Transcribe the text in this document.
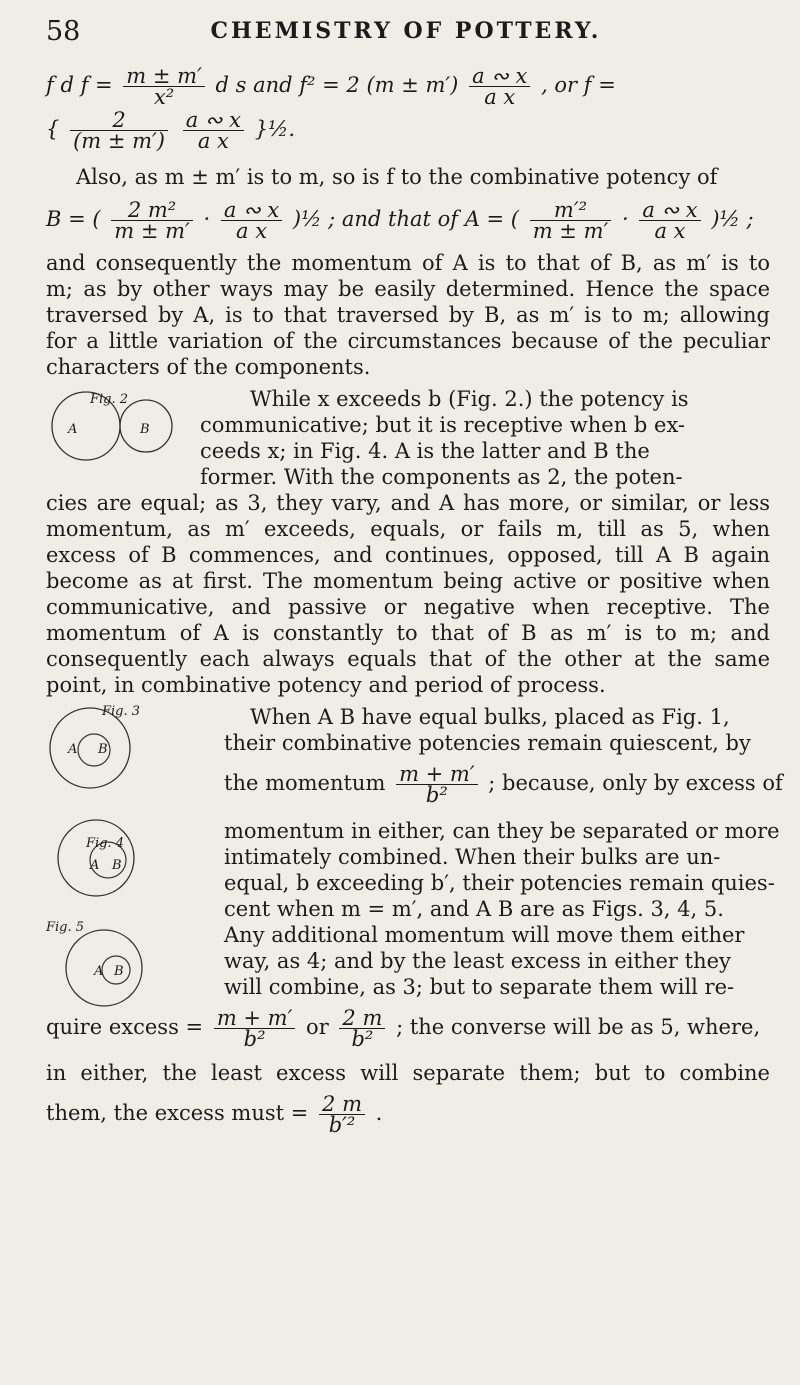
58	CHEMISTRY OF POTTERY.
f d $f = \frac{m \pm m'}{\text{x²}}$ d s and f² = 2 $(m \pm m') \frac{a ∾ x}{\text{a x}}$ , or f =
{ $\frac{2}{(m \pm m')}$
$\frac{a ∾ x}{\text{a x}}$ }½.
Also, as m ± m′ is to m, so is f to the combinative potency of
B = ( $\frac{\text{2 m²}}{m \pm m'} \cdot \frac{a ∾ x}{\text{a x}}$ )½ ; and that of A = ( $\frac{\text{m′²}}{m \pm m'} \cdot \frac{a ∾ x}{\text{a x}}$ )½ ;
and consequently the momentum of A is to that of B, as m′ is to
m; as by other ways may be easily determined. Hence the space
traversed by A, is to that traversed by B, as m′ is to m; allowing
for a little variation of the circumstances because of the peculiar
characters of the components.
Fig. 2
A	B
While x exceeds b (Fig. 2.) the potency is
communicative; but it is receptive when b ex-
ceeds x; in Fig. 4. A is the latter and B the
former. With the components as 2, the poten-
cies are equal; as 3, they vary, and A has more, or similar, or less
momentum, as m′ exceeds, equals, or fails m, till as 5, when
excess of B commences, and continues, opposed, till A B again
become as at first. The momentum being active or positive when
communicative, and passive or negative when receptive. The
momentum of A is constantly to that of B as m′ is to m; and
consequently each always equals that of the other at the same
point, in combinative potency and period of process.
Fig. 3
A B
When A B have equal bulks, placed as Fig. 1,
their combinative potencies remain quiescent, by
the momentum $\frac{m + m'}{\text{b²}}$ ; because, only by excess of
Fig. 4
A B
momentum in either, can they be separated or more
intimately combined. When their bulks are un-
equal, b exceeding b′, their potencies remain quies-
cent when m = m′, and A B are as Figs. 3, 4, 5.
Fig. 5
A B
Any additional momentum will move them either
way, as 4; and by the least excess in either they
will combine, as 3; but to separate them will re-
quire excess = $\frac{m + m'}{\text{b²}}$ or $\frac{2 m}{\text{b²}}$ ; the converse will be as 5, where,
in either, the least excess will separate them; but to combine
them, the excess must = $\frac{2 m}{\text{b′²}}$ .
